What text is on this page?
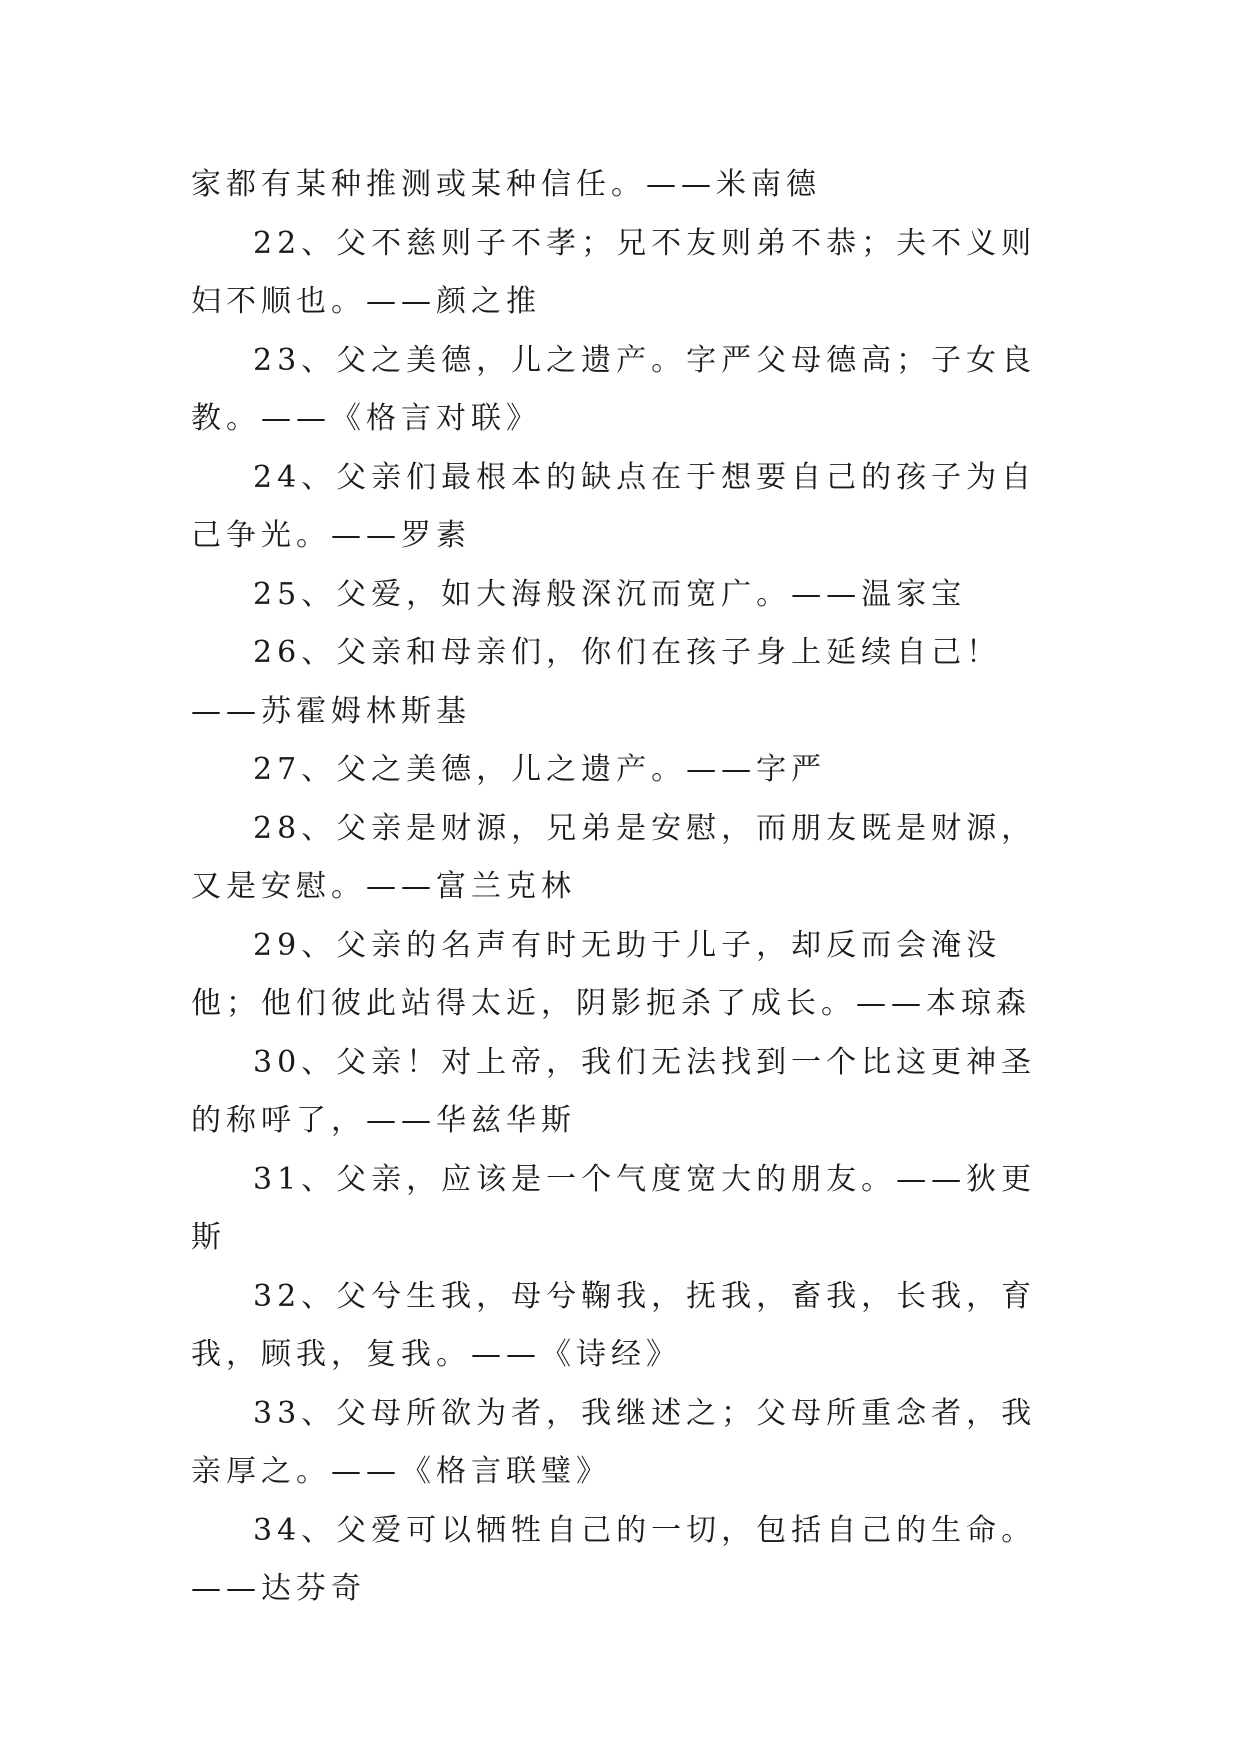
家都有某种推测或某种信任。——米南德

22、父不慈则子不孝；兄不友则弟不恭；夫不义则妇不顺也。——颜之推

23、父之美德，儿之遗产。字严父母德高；子女良教。——《格言对联》

24、父亲们最根本的缺点在于想要自己的孩子为自己争光。——罗素

25、父爱，如大海般深沉而宽广。——温家宝

26、父亲和母亲们，你们在孩子身上延续自己！——苏霍姆林斯基

27、父之美德，儿之遗产。——字严

28、父亲是财源，兄弟是安慰，而朋友既是财源，又是安慰。——富兰克林

29、父亲的名声有时无助于儿子，却反而会淹没他；他们彼此站得太近，阴影扼杀了成长。——本琼森

30、父亲！对上帝，我们无法找到一个比这更神圣的称呼了，——华兹华斯

31、父亲，应该是一个气度宽大的朋友。——狄更斯

32、父兮生我，母兮鞠我，抚我，畜我，长我，育我，顾我，复我。——《诗经》

33、父母所欲为者，我继述之；父母所重念者，我亲厚之。——《格言联璧》

34、父爱可以牺牲自己的一切，包括自己的生命。——达芬奇
